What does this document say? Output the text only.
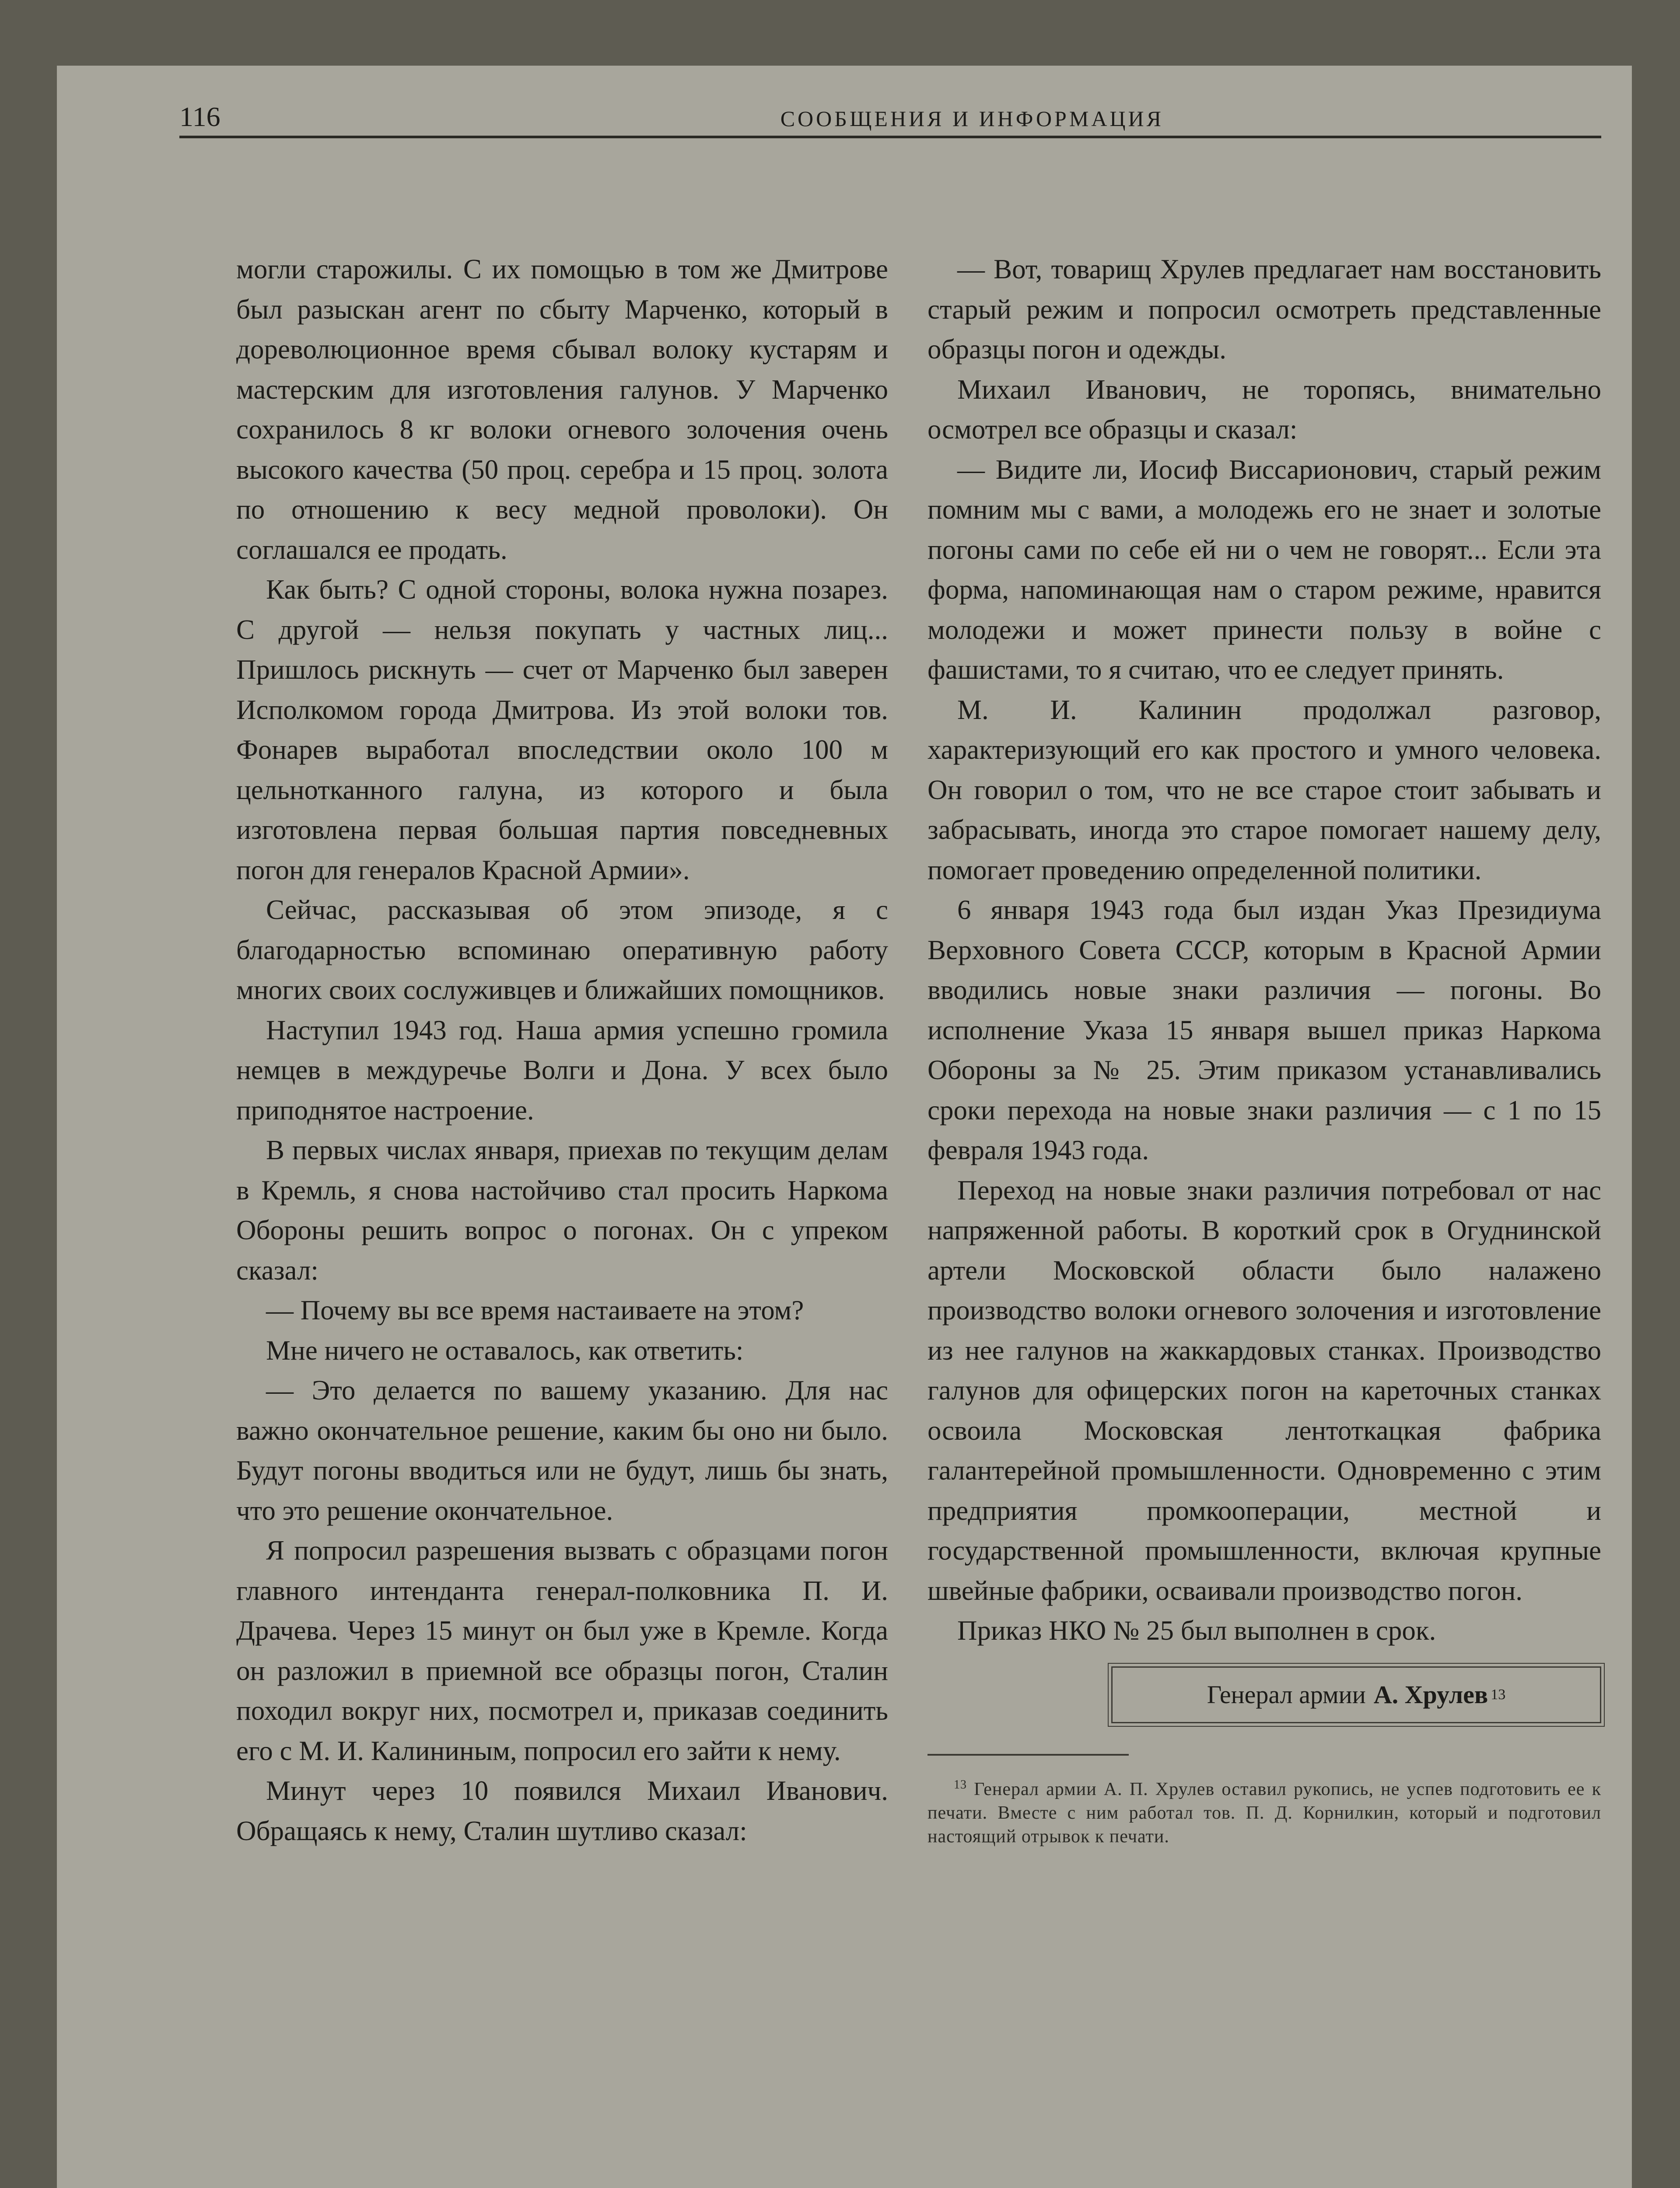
116	СООБЩЕНИЯ И ИНФОРМАЦИЯ

могли старожилы. С их помощью в том же Дмитрове был разыскан агент по сбыту Марченко, который в дореволюционное время сбывал волоку кустарям и мастерским для изготовления галунов. У Марченко сохранилось 8 кг волоки огневого золочения очень высокого качества (50 проц. серебра и 15 проц. золота по отношению к весу медной проволоки). Он соглашался ее продать.

Как быть? С одной стороны, волока нужна позарез. С другой — нельзя покупать у частных лиц... Пришлось рискнуть — счет от Марченко был заверен Исполкомом города Дмитрова. Из этой волоки тов. Фонарев выработал впоследствии около 100 м цельнотканного галуна, из которого и была изготовлена первая большая партия повседневных погон для генералов Красной Армии».

Сейчас, рассказывая об этом эпизоде, я с благодарностью вспоминаю оперативную работу многих своих сослуживцев и ближайших помощников.

Наступил 1943 год. Наша армия успешно громила немцев в междуречье Волги и Дона. У всех было приподнятое настроение.

В первых числах января, приехав по текущим делам в Кремль, я снова настойчиво стал просить Наркома Обороны решить вопрос о погонах. Он с упреком сказал:

— Почему вы все время настаиваете на этом?

Мне ничего не оставалось, как ответить:

— Это делается по вашему указанию. Для нас важно окончательное решение, каким бы оно ни было. Будут погоны вводиться или не будут, лишь бы знать, что это решение окончательное.

Я попросил разрешения вызвать с образцами погон главного интенданта генерал-полковника П. И. Драчева. Через 15 минут он был уже в Кремле. Когда он разложил в приемной все образцы погон, Сталин походил вокруг них, посмотрел и, приказав соединить его с М. И. Калининым, попросил его зайти к нему.

Минут через 10 появился Михаил Иванович. Обращаясь к нему, Сталин шутливо сказал:

— Вот, товарищ Хрулев предлагает нам восстановить старый режим и попросил осмотреть представленные образцы погон и одежды.

Михаил Иванович, не торопясь, внимательно осмотрел все образцы и сказал:

— Видите ли, Иосиф Виссарионович, старый режим помним мы с вами, а молодежь его не знает и золотые погоны сами по себе ей ни о чем не говорят... Если эта форма, напоминающая нам о старом режиме, нравится молодежи и может принести пользу в войне с фашистами, то я считаю, что ее следует принять.

М. И. Калинин продолжал разговор, характеризующий его как простого и умного человека. Он говорил о том, что не все старое стоит забывать и забрасывать, иногда это старое помогает нашему делу, помогает проведению определенной политики.

6 января 1943 года был издан Указ Президиума Верховного Совета СССР, которым в Красной Армии вводились новые знаки различия — погоны. Во исполнение Указа 15 января вышел приказ Наркома Обороны за № 25. Этим приказом устанавливались сроки перехода на новые знаки различия — с 1 по 15 февраля 1943 года.

Переход на новые знаки различия потребовал от нас напряженной работы. В короткий срок в Огуднинской артели Московской области было налажено производство волоки огневого золочения и изготовление из нее галунов на жаккардовых станках. Производство галунов для офицерских погон на кареточных станках освоила Московская лентоткацкая фабрика галантерейной промышленности. Одновременно с этим предприятия промкооперации, местной и государственной промышленности, включая крупные швейные фабрики, осваивали производство погон.

Приказ НКО № 25 был выполнен в срок.

Генерал армии А. Хрулев 13
$^{13}$ Генерал армии А. П. Хрулев оставил рукопись, не успев подготовить ее к печати. Вместе с ним работал тов. П. Д. Корнилкин, который и подготовил настоящий отрывок к печати.
